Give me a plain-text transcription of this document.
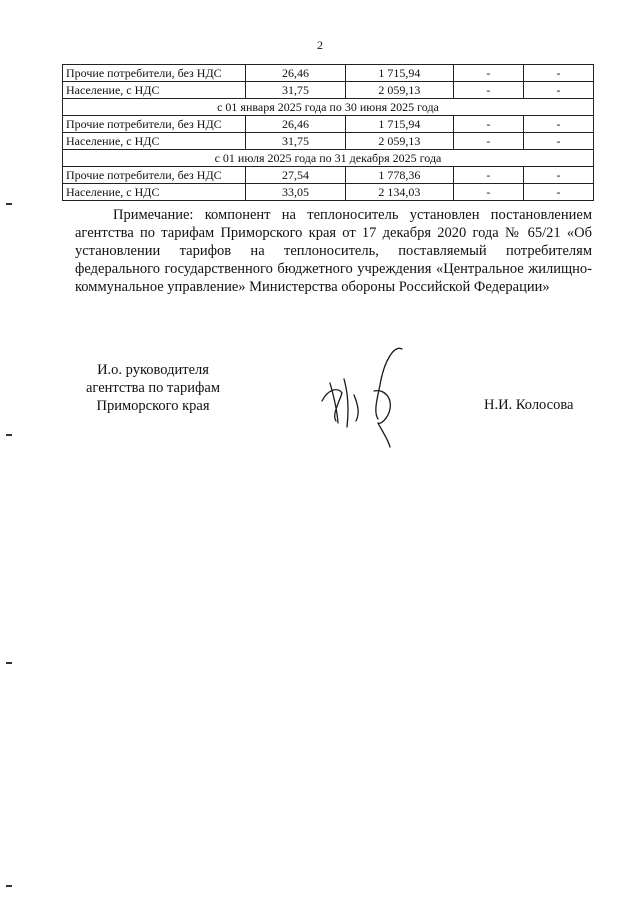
2
Прочие потребители, без НДС	26,46	1 715,94	-	-
Население, с НДС	31,75	2 059,13	-	-
с 01 января 2025 года по 30 июня 2025 года				
Прочие потребители, без НДС	26,46	1 715,94	-	-
Население, с НДС	31,75	2 059,13	-	-
с 01 июля 2025 года по 31 декабря 2025 года				
Прочие потребители, без НДС	27,54	1 778,36	-	-
Население, с НДС	33,05	2 134,03	-	-
Примечание: компонент на теплоноситель установлен постановлением агентства по тарифам Приморского края от 17 декабря 2020 года № 65/21 «Об установлении тарифов на теплоноситель, поставляемый потребителям федерального государственного бюджетного учреждения «Центральное жилищно-коммунальное управление» Министерства обороны Российской Федерации»
И.о. руководителя
агентства по тарифам
Приморского края	Н.И. Колосова
